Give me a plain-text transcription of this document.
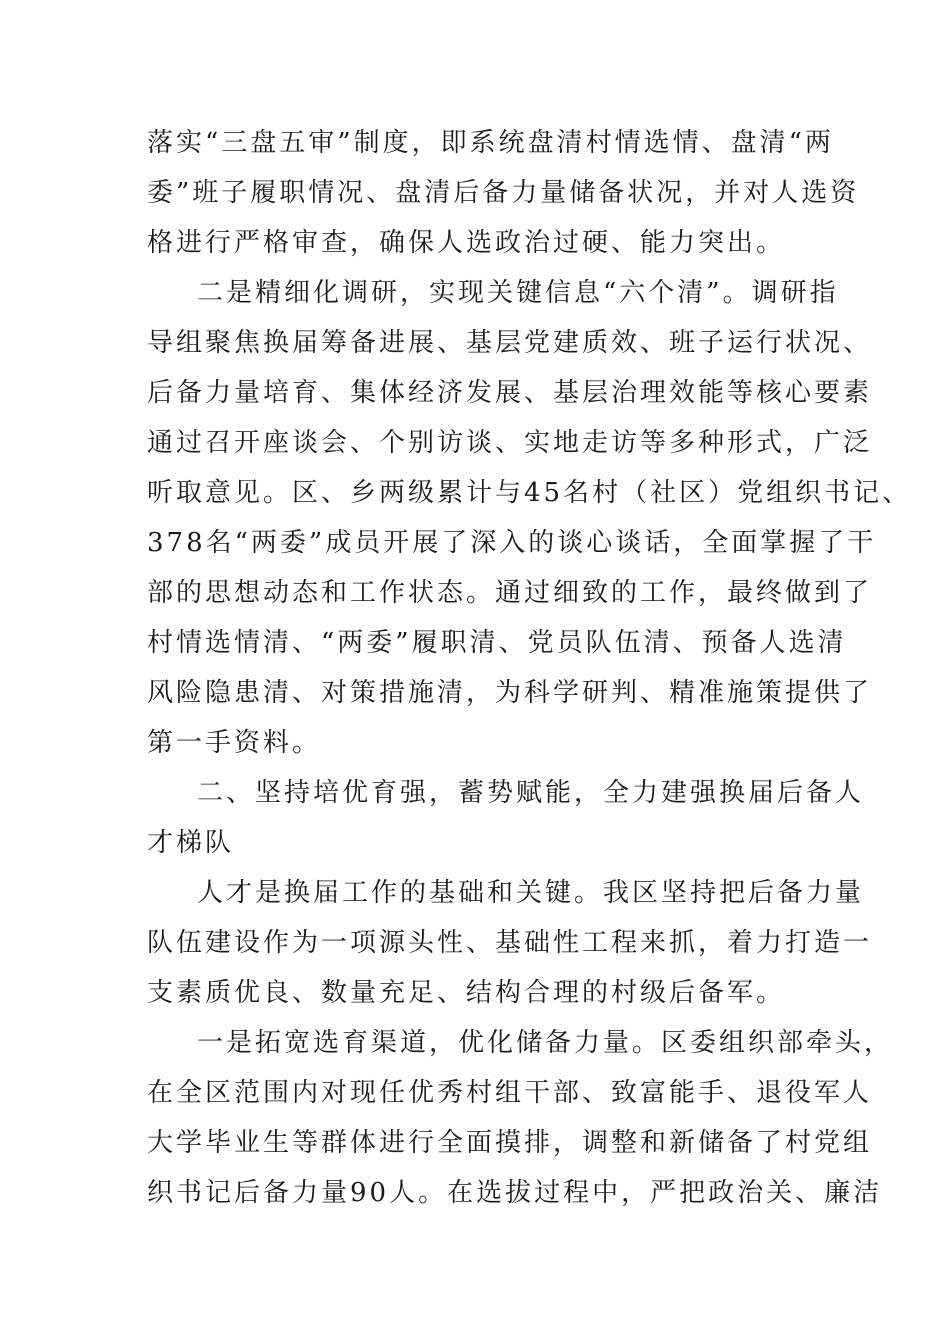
落实“三盘五审”制度，即系统盘清村情选情、盘清“两
委”班子履职情况、盘清后备力量储备状况，并对人选资
格进行严格审查，确保人选政治过硬、能力突出。
二是精细化调研，实现关键信息“六个清”。调研指
导组聚焦换届筹备进展、基层党建质效、班子运行状况、
后备力量培育、集体经济发展、基层治理效能等核心要素
通过召开座谈会、个别访谈、实地走访等多种形式，广泛
听取意见。区、乡两级累计与45名村（社区）党组织书记、
378名“两委”成员开展了深入的谈心谈话，全面掌握了干
部的思想动态和工作状态。通过细致的工作，最终做到了
村情选情清、“两委”履职清、党员队伍清、预备人选清
风险隐患清、对策措施清，为科学研判、精准施策提供了
第一手资料。
二、坚持培优育强，蓄势赋能，全力建强换届后备人
才梯队
人才是换届工作的基础和关键。我区坚持把后备力量
队伍建设作为一项源头性、基础性工程来抓，着力打造一
支素质优良、数量充足、结构合理的村级后备军。
一是拓宽选育渠道，优化储备力量。区委组织部牵头，
在全区范围内对现任优秀村组干部、致富能手、退役军人
大学毕业生等群体进行全面摸排，调整和新储备了村党组
织书记后备力量90人。在选拔过程中，严把政治关、廉洁
